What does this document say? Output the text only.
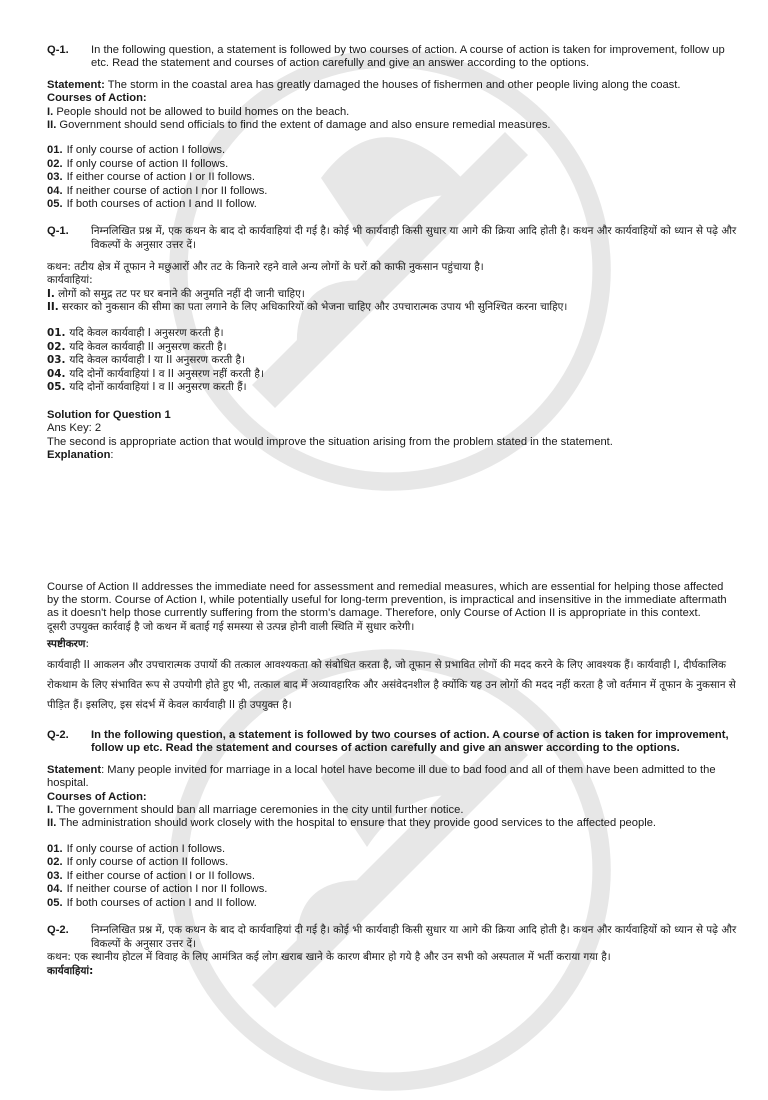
Q-1.	In the following question, a statement is followed by two courses of action. A course of action is taken for improvement, follow up etc. Read the statement and courses of action carefully and give an answer according to the options.

Statement: The storm in the coastal area has greatly damaged the houses of fishermen and other people living along the coast.

Courses of Action:

I. People should not be allowed to build homes on the beach.

II. Government should send officials to find the extent of damage and also ensure remedial measures.

01. If only course of action I follows.

02. If only course of action II follows.

03. If either course of action I or II follows.

04. If neither course of action I nor II follows.

05. If both courses of action I and II follow.

Q-1.	निम्नलिखित प्रश्न में, एक कथन के बाद दो कार्यवाहियां दी गई है। कोई भी कार्यवाही किसी सुधार या आगे की क्रिया आदि होती है। कथन और कार्यवाहियों को ध्यान से पढ़े और विकल्पों के अनुसार उत्तर दें।

कथन: तटीय क्षेत्र में तूफान ने मछुआरों और तट के किनारे रहने वाले अन्य लोगों के घरों को काफी नुकसान पहुंचाया है।

कार्यवाहियां:

I. लोगों को समुद्र तट पर घर बनाने की अनुमति नहीं दी जानी चाहिए।

II. सरकार को नुकसान की सीमा का पता लगाने के लिए अधिकारियों को भेजना चाहिए और उपचारात्मक उपाय भी सुनिश्चित करना चाहिए।

01. यदि केवल कार्यवाही I अनुसरण करती है।

02. यदि केवल कार्यवाही II अनुसरण करती है।

03. यदि केवल कार्यवाही I या II अनुसरण करती है।

04. यदि दोनों कार्यवाहियां I व II अनुसरण नहीं करती है।

05. यदि दोनों कार्यवाहियां I व II अनुसरण करती हैं।

Solution for Question 1

Ans Key: 2

The second is appropriate action that would improve the situation arising from the problem stated in the statement.

Explanation:

Course of Action II addresses the immediate need for assessment and remedial measures, which are essential for helping those affected by the storm. Course of Action I, while potentially useful for long-term prevention, is impractical and insensitive in the immediate aftermath as it doesn't help those currently suffering from the storm's damage. Therefore, only Course of Action II is appropriate in this context.

दूसरी उपयुक्त कार्रवाई है जो कथन में बताई गई समस्या से उत्पन्न होनी वाली स्थिति में सुधार करेगी।

स्पष्टीकरण:

कार्यवाही II आकलन और उपचारात्मक उपायों की तत्काल आवश्यकता को संबोधित करता है, जो तूफान से प्रभावित लोगों की मदद करने के लिए आवश्यक हैं। कार्यवाही I, दीर्घकालिक रोकथाम के लिए संभावित रूप से उपयोगी होते हुए भी, तत्काल बाद में अव्यावहारिक और असंवेदनशील है क्योंकि यह उन लोगों की मदद नहीं करता है जो वर्तमान में तूफान के नुकसान से पीड़ित हैं। इसलिए, इस संदर्भ में केवल कार्यवाही II ही उपयुक्त है।

Q-2.	In the following question, a statement is followed by two courses of action. A course of action is taken for improvement, follow up etc. Read the statement and courses of action carefully and give an answer according to the options.

Statement: Many people invited for marriage in a local hotel have become ill due to bad food and all of them have been admitted to the hospital.

Courses of Action:

I. The government should ban all marriage ceremonies in the city until further notice.

II. The administration should work closely with the hospital to ensure that they provide good services to the affected people.

01. If only course of action I follows.

02. If only course of action II follows.

03. If either course of action I or II follows.

04. If neither course of action I nor II follows.

05. If both courses of action I and II follow.

Q-2.	निम्नलिखित प्रश्न में, एक कथन के बाद दो कार्यवाहियां दी गई है। कोई भी कार्यवाही किसी सुधार या आगे की क्रिया आदि होती है। कथन और कार्यवाहियों को ध्यान से पढ़े और विकल्पों के अनुसार उत्तर दें।

कथन: एक स्थानीय होटल में विवाह के लिए आमंत्रित कई लोग खराब खाने के कारण बीमार हो गये है और उन सभी को अस्पताल में भर्ती कराया गया है।

कार्यवाहियां:
